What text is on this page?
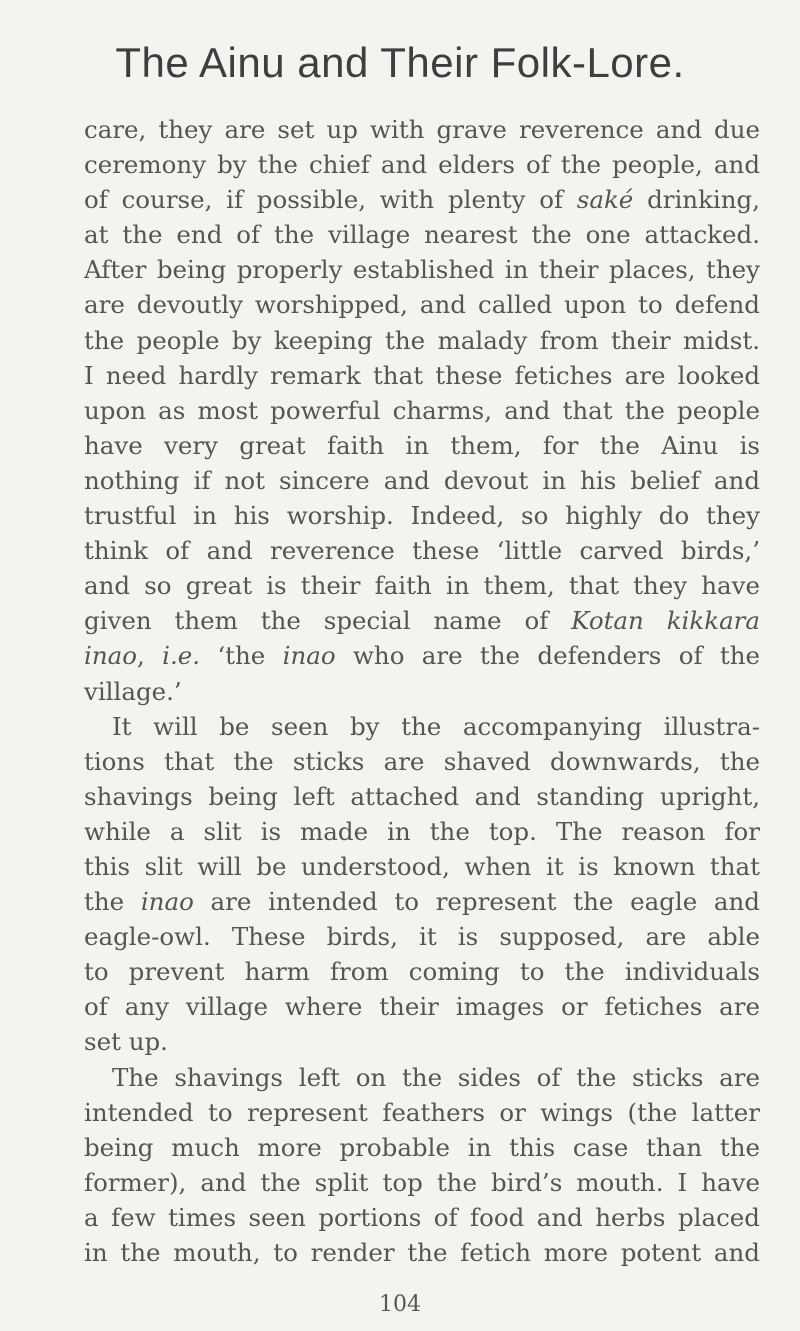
The Ainu and Their Folk-Lore.

care, they are set up with grave reverence and due
ceremony by the chief and elders of the people, and
of course, if possible, with plenty of saké drinking,
at the end of the village nearest the one attacked.
After being properly established in their places, they
are devoutly worshipped, and called upon to defend
the people by keeping the malady from their midst.
I need hardly remark that these fetiches are looked
upon as most powerful charms, and that the people
have very great faith in them, for the Ainu is
nothing if not sincere and devout in his belief and
trustful in his worship. Indeed, so highly do they
think of and reverence these ‘little carved birds,’
and so great is their faith in them, that they have
given them the special name of Kotan kikkara
inao, i.e. ‘the inao who are the defenders of the
village.’

It will be seen by the accompanying illustra-
tions that the sticks are shaved downwards, the
shavings being left attached and standing upright,
while a slit is made in the top. The reason for
this slit will be understood, when it is known that
the inao are intended to represent the eagle and
eagle-owl. These birds, it is supposed, are able
to prevent harm from coming to the individuals
of any village where their images or fetiches are
set up.

The shavings left on the sides of the sticks are
intended to represent feathers or wings (the latter
being much more probable in this case than the
former), and the split top the bird’s mouth. I have
a few times seen portions of food and herbs placed
in the mouth, to render the fetich more potent and

104
